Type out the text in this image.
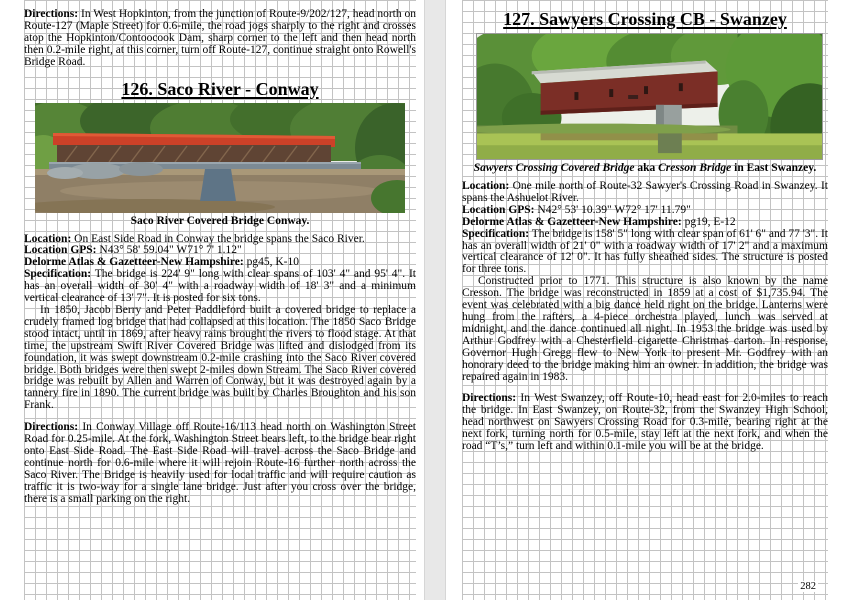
Directions: In West Hopkinton, from the junction of Route-9/202/127, head north on Route-127 (Maple Street) for 0.6-mile, the road jogs sharply to the right and crosses atop the Hopkinton/Contoocook Dam, sharp corner to the left and then head north then 0.2-mile right, at this corner, turn off Route-127, continue straight onto Rowell's Bridge Road.

126. Saco River - Conway

Saco River Covered Bridge Conway.

Location: On East Side Road in Conway the bridge spans the Saco River.

Location GPS: N43° 58' 59.04" W71° 7' 1.12"

Delorme Atlas & Gazetteer-New Hampshire: pg45, K-10

Specification: The bridge is 224' 9" long with clear spans of 103' 4" and 95' 4". It has an overall width of 30' 4" with a roadway width of 18' 3" and a minimum vertical clearance of 13' 7". It is posted for six tons.

In 1850, Jacob Berry and Peter Paddleford built a covered bridge to replace a crudely framed log bridge that had collapsed at this location. The 1850 Saco Bridge stood intact, until in 1869, after heavy rains brought the rivers to flood stage. At that time, the upstream Swift River Covered Bridge was lifted and dislodged from its foundation, it was swept downstream 0.2-mile crashing into the Saco River covered bridge. Both bridges were then swept 2-miles down Stream. The Saco River covered bridge was rebuilt by Allen and Warren of Conway, but it was destroyed again by a tannery fire in 1890. The current bridge was built by Charles Broughton and his son Frank.

Directions: In Conway Village off Route-16/113 head north on Washington Street Road for 0.25-mile. At the fork, Washington Street bears left, to the bridge bear right onto East Side Road. The East Side Road will travel across the Saco Bridge and continue north for 0.6-mile where it will rejoin Route-16 further north across the Saco River. The Bridge is heavily used for local traffic and will require caution as traffic it is two-way for a single lane bridge. Just after you cross over the bridge, there is a small parking on the right.

127. Sawyers Crossing CB - Swanzey

Sawyers Crossing Covered Bridge aka Cresson Bridge in East Swanzey.

Location: One mile north of Route-32 Sawyer's Crossing Road in Swanzey. It spans the Ashuelot River.

Location GPS: N42° 53' 10.39" W72° 17' 11.79"

Delorme Atlas & Gazetteer-New Hampshire: pg19, E-12

Specification: The bridge is 158' 5" long with clear span of 61' 6" and 77 '3". It has an overall width of 21' 0" with a roadway width of 17' 2" and a maximum vertical clearance of 12' 0". It has fully sheathed sides. The structure is posted for three tons.

Constructed prior to 1771. This structure is also known by the name Cresson. The bridge was reconstructed in 1859 at a cost of $1,735.94. The event was celebrated with a big dance held right on the bridge. Lanterns were hung from the rafters, a 4-piece orchestra played, lunch was served at midnight, and the dance continued all night. In 1953 the bridge was used by Arthur Godfrey with a Chesterfield cigarette Christmas carton. In response, Governor Hugh Gregg flew to New York to present Mr. Godfrey with an honorary deed to the bridge making him an owner. In addition, the bridge was repaired again in 1983.

Directions: In West Swanzey, off Route-10, head east for 2.0-miles to reach the bridge. In East Swanzey, on Route-32, from the Swanzey High School, head northwest on Sawyers Crossing Road for 0.3-mile, bearing right at the next fork, turning north for 0.5-mile, stay left at the next fork, and when the road “T’s,” turn left and within 0.1-mile you will be at the bridge.

282
